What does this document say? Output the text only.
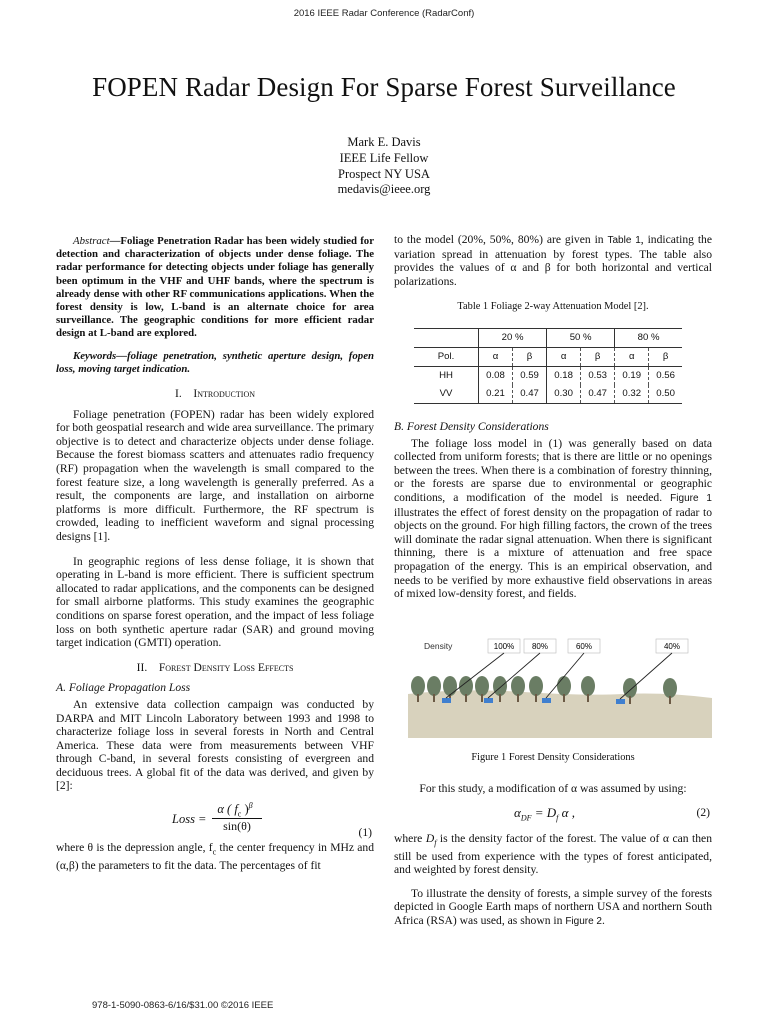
2016 IEEE Radar Conference (RadarConf)
FOPEN Radar Design For Sparse Forest Surveillance
Mark E. Davis
IEEE Life Fellow
Prospect NY USA
medavis@ieee.org

Abstract—Foliage Penetration Radar has been widely studied for detection and characterization of objects under dense foliage. The radar performance for detecting objects under foliage has generally been optimum in the VHF and UHF bands, where the spectrum is already dense with other RF communications applications. When the forest density is low, L-band is an alternate choice for area surveillance. The geographic conditions for more efficient radar design at L-band are explored.

Keywords—foliage penetration, synthetic aperture design, fopen loss, moving target indication.

I. Introduction

Foliage penetration (FOPEN) radar has been widely explored for both geospatial research and wide area surveillance. The primary objective is to detect and characterize objects under dense foliage. Because the forest biomass scatters and attenuates radio frequency (RF) propagation when the wavelength is small compared to the forest feature size, a long wavelength is generally preferred. As a result, the components are large, and installation on airborne platforms is more difficult. Furthermore, the RF spectrum is crowded, leading to inefficient waveform and signal processing designs [1].

In geographic regions of less dense foliage, it is shown that operating in L-band is more efficient. There is sufficient spectrum allocated to radar applications, and the components can be designed for small airborne platforms. This study examines the geographic conditions on sparse forest operation, and the impact of less foliage loss on both synthetic aperture radar (SAR) and ground moving target indication (GMTI) operation.

II. Forest Density Loss Effects
A. Foliage Propagation Loss

An extensive data collection campaign was conducted by DARPA and MIT Lincoln Laboratory between 1993 and 1998 to characterize foliage loss in several forests in North and Central America. These data were from measurements between VHF through C-band, in several forests consisting of evergreen and deciduous trees. A global fit of the data was derived, and given by [2]:

Loss =
α ( $f_c$ )$^\beta$
sin(θ)	(1)

where θ is the depression angle, $f_c$ the center frequency in MHz and (α,β) the parameters to fit the data. The percentages of fit

to the model (20%, 50%, 80%) are given in Table 1, indicating the variation spread in attenuation by forest types. The table also provides the values of α and β for both horizontal and vertical polarizations.

Table 1 Foliage 2-way Attenuation Model [2].
	20 %		50 %		80 %	
Pol.	α	β	α	β	α	β
HH	0.08	0.59	0.18	0.53	0.19	0.56
VV	0.21	0.47	0.30	0.47	0.32	0.50
B. Forest Density Considerations

The foliage loss model in (1) was generally based on data collected from uniform forests; that is there are little or no openings between the trees. When there is a combination of forestry thinning, or the forests are sparse due to environmental or geographic conditions, a modification of the model is needed. Figure 1 illustrates the effect of forest density on the propagation of radar to objects on the ground. For high filling factors, the crown of the trees will dominate the radar signal attenuation. When there is significant thinning, there is a mixture of attenuation and free space propagation of the energy. This is an empirical observation, and needs to be verified by more exhaustive field observations in areas of mixed low-density forest, and fields.

Density	100% 80%	60%	40%
Figure 1 Forest Density Considerations

For this study, a modification of α was assumed by using:

$\alpha_{DF} = D_f$ α ,	(2)

where $D_f$ is the density factor of the forest. The value of α can then still be used from experience with the types of forest anticipated, and weighted by forest density.

To illustrate the density of forests, a simple survey of the forests depicted in Google Earth maps of northern USA and northern South Africa (RSA) was used, as shown in Figure 2.

978-1-5090-0863-6/16/$31.00 ©2016 IEEE
